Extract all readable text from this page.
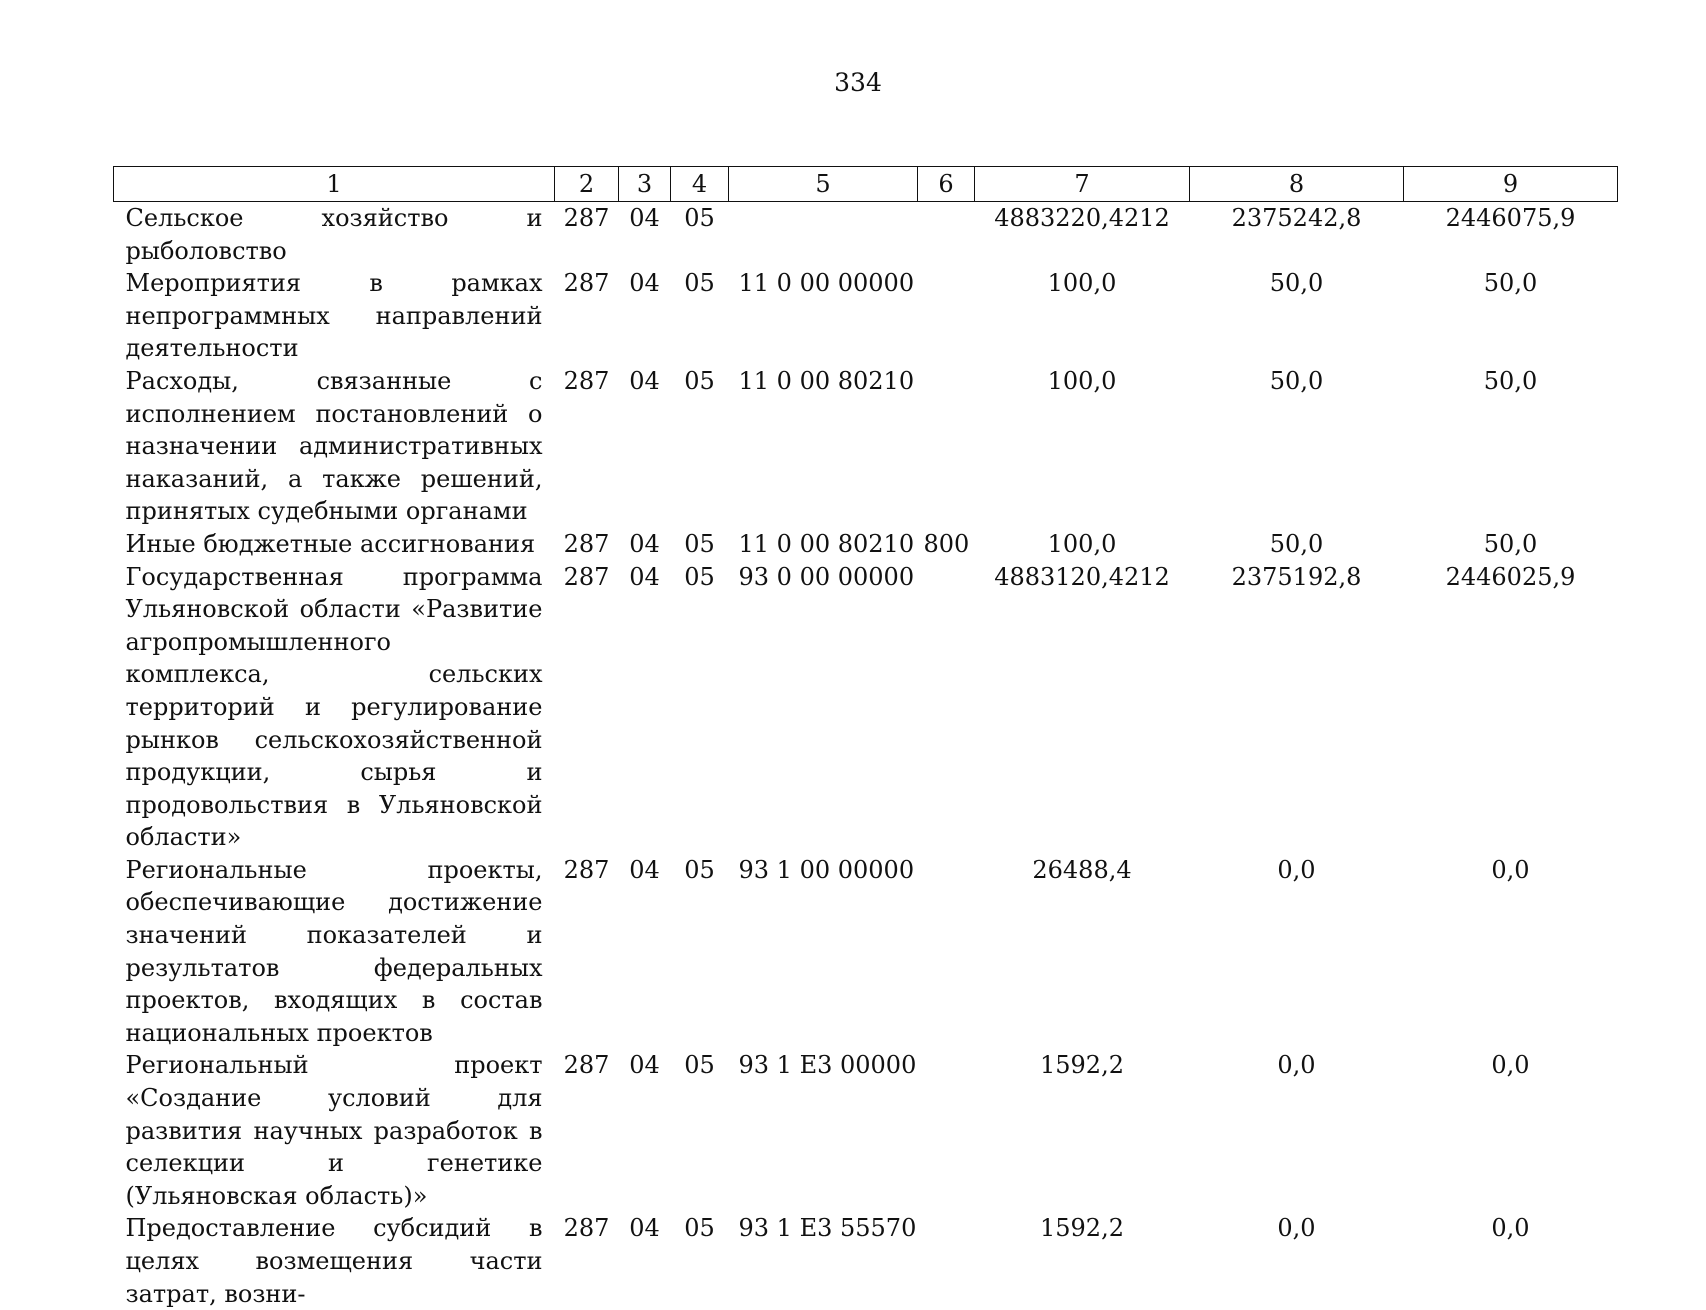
334
1	2	3	4	5	6	7	8	9
Сельское хозяйство и рыболовство	287	04	05			4883220,4212	2375242,8	2446075,9
Мероприятия в рамках непрограммных направлений деятельности	287	04	05	11 0 00 00000		100,0	50,0	50,0
Расходы, связанные с исполнением постановлений о назначении административных наказаний, а также решений, принятых судебными органами	287	04	05	11 0 00 80210		100,0	50,0	50,0
Иные бюджетные ассигнования	287	04	05	11 0 00 80210	800	100,0	50,0	50,0
Государственная программа Ульяновской области «Развитие агропромышленного комплекса, сельских территорий и регулирование рынков сельскохозяйственной продукции, сырья и продовольствия в Ульяновской области»	287	04	05	93 0 00 00000		4883120,4212	2375192,8	2446025,9
Региональные проекты, обеспечивающие достижение значений показателей и результатов федеральных проектов, входящих в состав национальных проектов	287	04	05	93 1 00 00000		26488,4	0,0	0,0
Региональный проект «Создание условий для развития научных разработок в селекции и генетике (Ульяновская область)»	287	04	05	93 1 E3 00000		1592,2	0,0	0,0
Предоставление субсидий в целях возмещения части затрат, возни-	287	04	05	93 1 E3 55570		1592,2	0,0	0,0
